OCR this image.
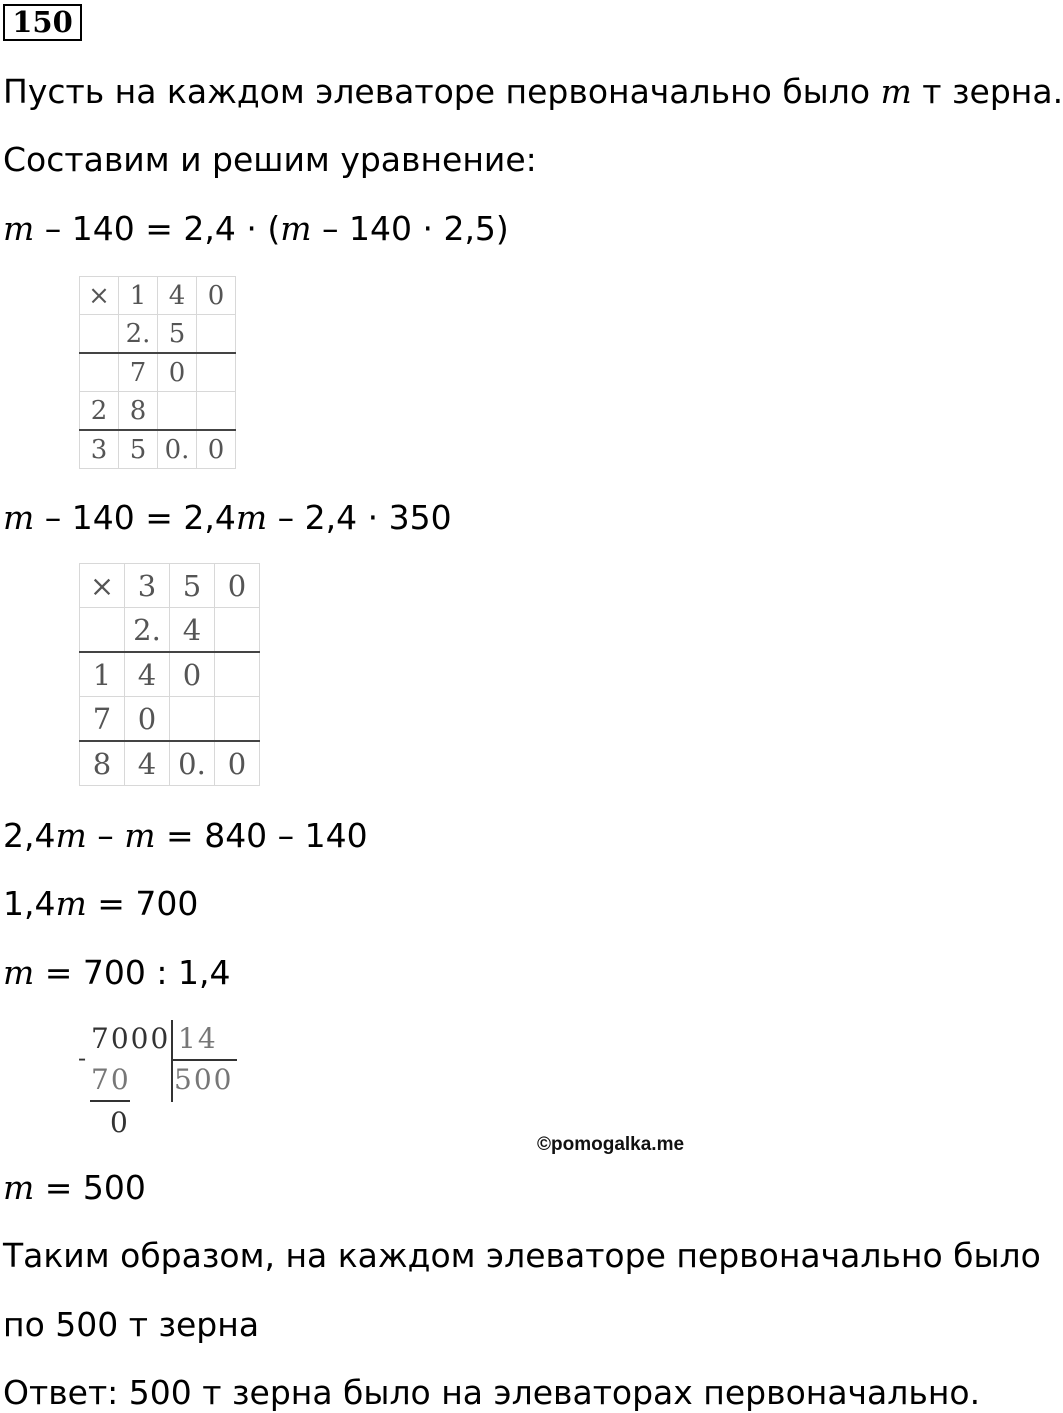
150
Пусть на каждом элеваторе первоначально было m т зерна.
Составим и решим уравнение:
m – 140 = 2,4 · (m – 140 · 2,5)
×	1	4	0
	2.	5	
	7	0	
2	8		
3	5	0.	0
m – 140 = 2,4m – 2,4 · 350
×	3	5	0
	2.	4	
1	4	0	
7	0		
8	4	0.	0
2,4m – m = 840 – 140
1,4m = 700
m = 700 : 1,4
7000 14
-
70 500
0
©pomogalka.me
m = 500
Таким образом, на каждом элеваторе первоначально было
по 500 т зерна
Ответ: 500 т зерна было на элеваторах первоначально.
